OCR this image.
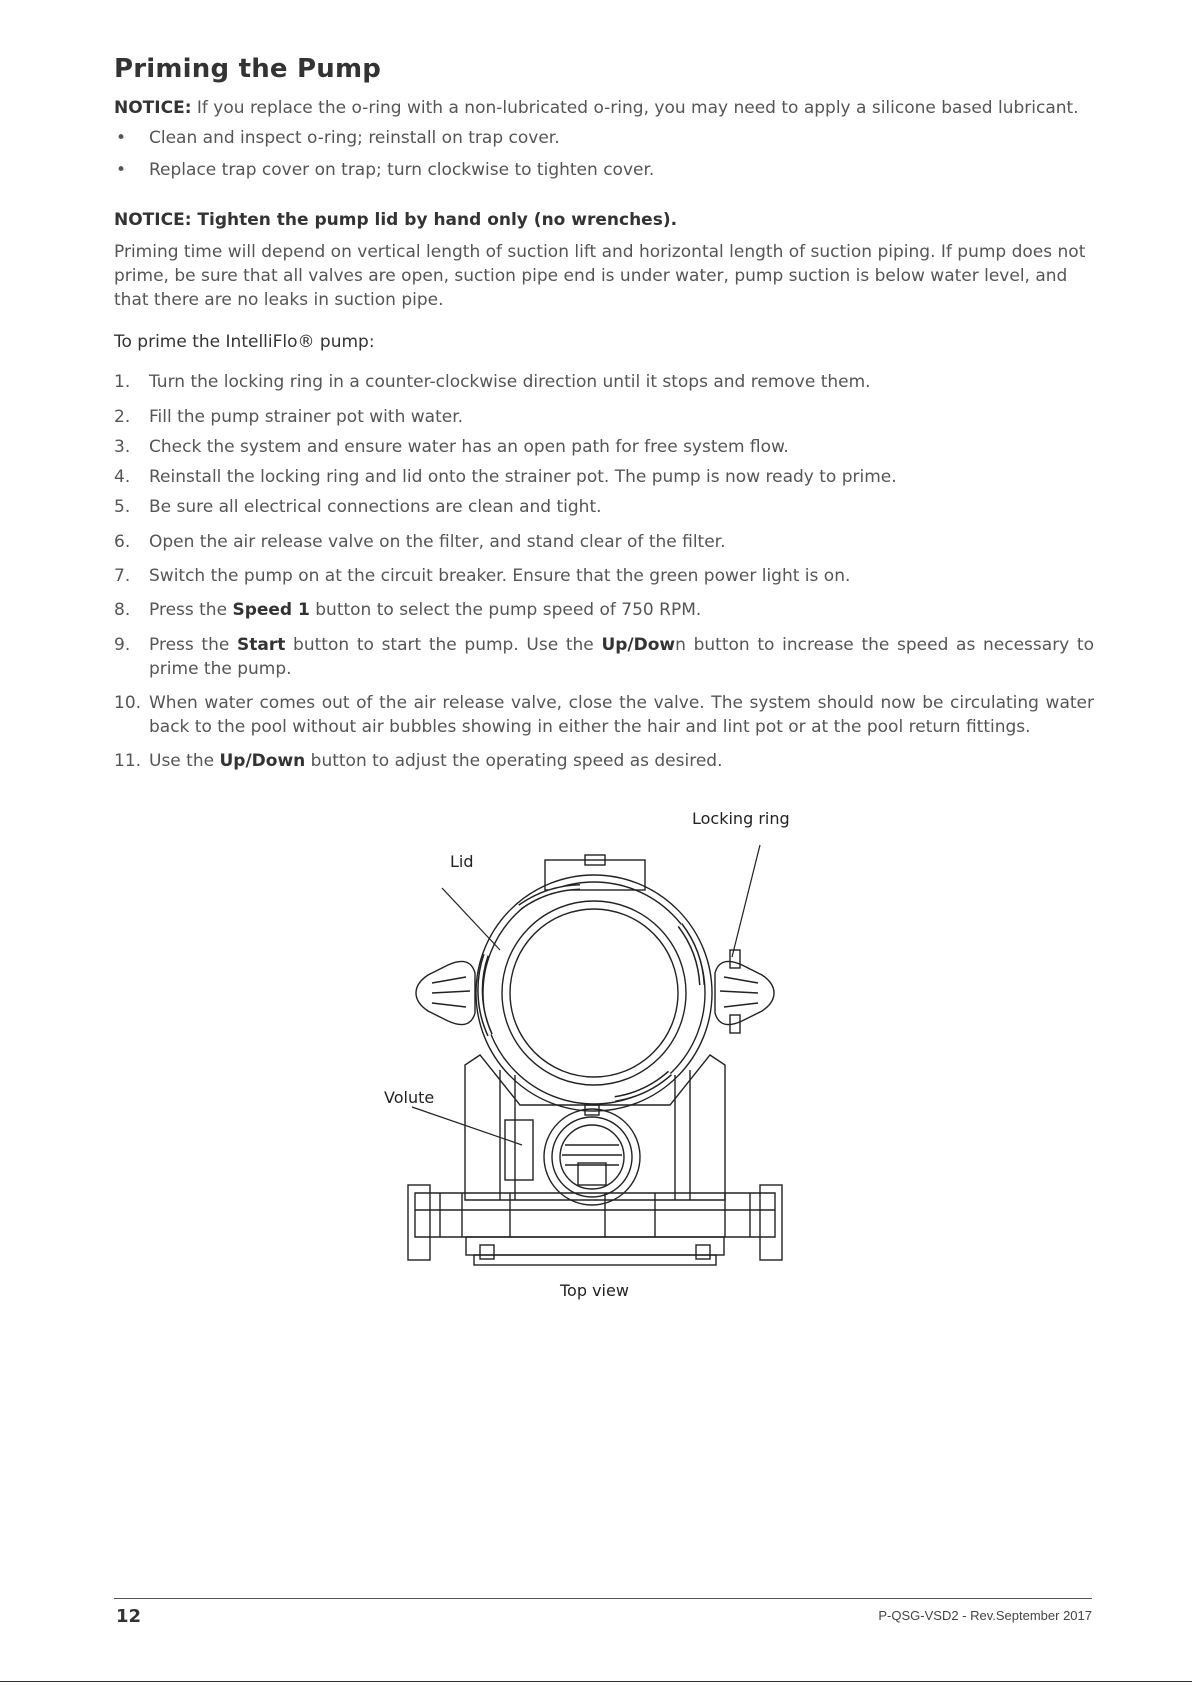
Priming the Pump
NOTICE: If you replace the o-ring with a non-lubricated o-ring, you may need to apply a silicone based lubricant.
• Clean and inspect o-ring; reinstall on trap cover.
• Replace trap cover on trap; turn clockwise to tighten cover.
NOTICE: Tighten the pump lid by hand only (no wrenches).
Priming time will depend on vertical length of suction lift and horizontal length of suction piping. If pump does not prime, be sure that all valves are open, suction pipe end is under water, pump suction is below water level, and that there are no leaks in suction pipe.
To prime the IntelliFlo® pump:
1.	Turn the locking ring in a counter-clockwise direction until it stops and remove them.
2.	Fill the pump strainer pot with water.
3.	Check the system and ensure water has an open path for free system flow.
4.	Reinstall the locking ring and lid onto the strainer pot. The pump is now ready to prime.
5.	Be sure all electrical connections are clean and tight.
6.	Open the air release valve on the filter, and stand clear of the filter.
7.	Switch the pump on at the circuit breaker. Ensure that the green power light is on.
8.	Press the Speed 1 button to select the pump speed of 750 RPM.
9.	Press the Start button to start the pump. Use the Up/Down button to increase the speed as necessary to prime the pump.
10. When water comes out of the air release valve, close the valve. The system should now be circulating water back to the pool without air bubbles showing in either the hair and lint pot or at the pool return fittings.
11. Use the Up/Down button to adjust the operating speed as desired.
Locking ring
Lid
Volute
Top view
12	P-QSG-VSD2 - Rev.September 2017
